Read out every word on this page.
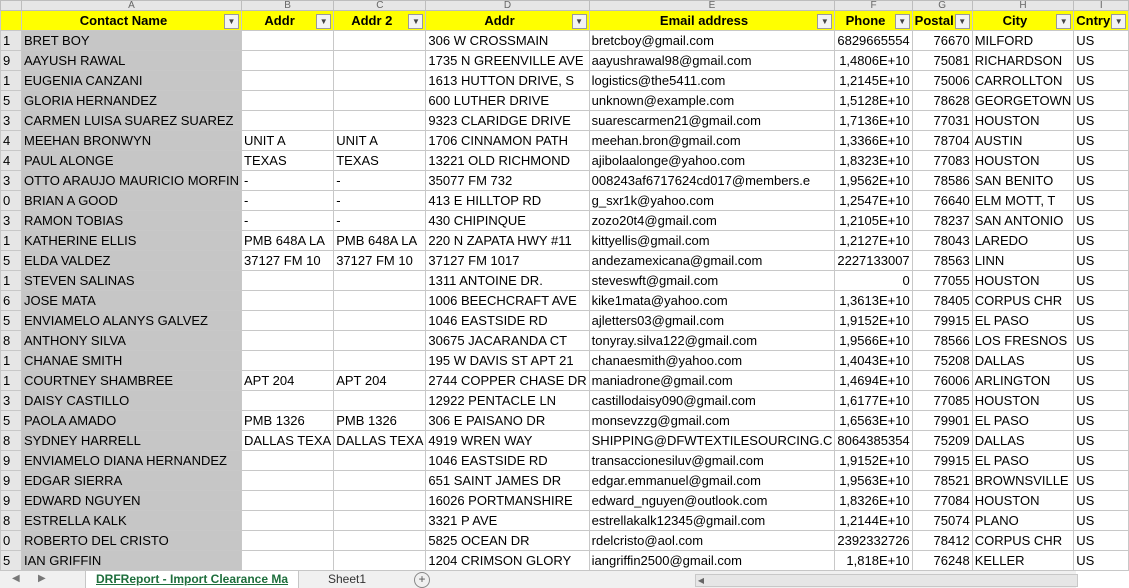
	A	B	C	D	E	F	G	H	I
	Contact Name ▼	Addr ▼	Addr 2 ▼	Addr ▼	Email address ▼	Phone ▼	Postal ▼	City ▼	Cntry ▼

1	BRET BOY			306 W CROSSMAIN	bretcboy@gmail.com	6829665554	76670	MILFORD	US
9	AAYUSH RAWAL			1735 N GREENVILLE AVE	aayushrawal98@gmail.com	1,4806E+10	75081	RICHARDSON	US
1	EUGENIA CANZANI			1613 HUTTON DRIVE, S	logistics@the5411.com	1,2145E+10	75006	CARROLLTON	US
5	GLORIA HERNANDEZ			600 LUTHER DRIVE	unknown@example.com	1,5128E+10	78628	GEORGETOWN	US
3	CARMEN LUISA SUAREZ SUAREZ			9323 CLARIDGE DRIVE	suarescarmen21@gmail.com	1,7136E+10	77031	HOUSTON	US
4	MEEHAN BRONWYN	UNIT A	UNIT A	1706 CINNAMON PATH	meehan.bron@gmail.com	1,3366E+10	78704	AUSTIN	US
4	PAUL ALONGE	TEXAS	TEXAS	13221 OLD RICHMOND	ajibolaalonge@yahoo.com	1,8323E+10	77083	HOUSTON	US
3	OTTO ARAUJO MAURICIO MORFIN	-	-	35077 FM 732	008243af6717624cd017@members.e	1,9562E+10	78586	SAN BENITO	US
0	BRIAN A GOOD	-	-	413 E HILLTOP RD	g_sxr1k@yahoo.com	1,2547E+10	76640	ELM MOTT, T	US
3	RAMON TOBIAS	-	-	430 CHIPINQUE	zozo20t4@gmail.com	1,2105E+10	78237	SAN ANTONIO	US
1	KATHERINE ELLIS	PMB 648A LA	PMB 648A LA	220 N ZAPATA HWY #11	kittyellis@gmail.com	1,2127E+10	78043	LAREDO	US
5	ELDA VALDEZ	37127 FM 10	37127 FM 10	37127 FM 1017	andezamexicana@gmail.com	2227133007	78563	LINN	US
1	STEVEN SALINAS			1311 ANTOINE DR.	steveswft@gmail.com	0	77055	HOUSTON	US
6	JOSE MATA			1006 BEECHCRAFT AVE	kike1mata@yahoo.com	1,3613E+10	78405	CORPUS CHR	US
5	ENVIAMELO ALANYS GALVEZ			1046 EASTSIDE RD	ajletters03@gmail.com	1,9152E+10	79915	EL PASO	US
8	ANTHONY SILVA			30675 JACARANDA CT	tonyray.silva122@gmail.com	1,9566E+10	78566	LOS FRESNOS	US
1	CHANAE SMITH			195 W DAVIS ST APT 21	chanaesmith@yahoo.com	1,4043E+10	75208	DALLAS	US
1	COURTNEY SHAMBREE	APT 204	APT 204	2744 COPPER CHASE DR	maniadrone@gmail.com	1,4694E+10	76006	ARLINGTON	US
3	DAISY CASTILLO			12922 PENTACLE LN	castillodaisy090@gmail.com	1,6177E+10	77085	HOUSTON	US
5	PAOLA AMADO	PMB 1326	PMB 1326	306 E PAISANO DR	monsevzzg@gmail.com	1,6563E+10	79901	EL PASO	US
8	SYDNEY HARRELL	DALLAS TEXA	DALLAS TEXA	4919 WREN WAY	SHIPPING@DFWTEXTILESOURCING.C	8064385354	75209	DALLAS	US
9	ENVIAMELO DIANA HERNANDEZ			1046 EASTSIDE RD	transaccionesiluv@gmail.com	1,9152E+10	79915	EL PASO	US
9	EDGAR SIERRA			651 SAINT JAMES DR	edgar.emmanuel@gmail.com	1,9563E+10	78521	BROWNSVILLE	US
9	EDWARD NGUYEN			16026 PORTMANSHIRE	edward_nguyen@outlook.com	1,8326E+10	77084	HOUSTON	US
8	ESTRELLA KALK			3321 P AVE	estrellakalk12345@gmail.com	1,2144E+10	75074	PLANO	US
0	ROBERTO DEL CRISTO			5825 OCEAN DR	rdelcristo@aol.com	2392332726	78412	CORPUS CHR	US
5	IAN GRIFFIN			1204 CRIMSON GLORY	iangriffin2500@gmail.com	1,818E+10	76248	KELLER	US
◀ ▶	DRFReport - Import Clearance Ma	Sheet1	+	◀
